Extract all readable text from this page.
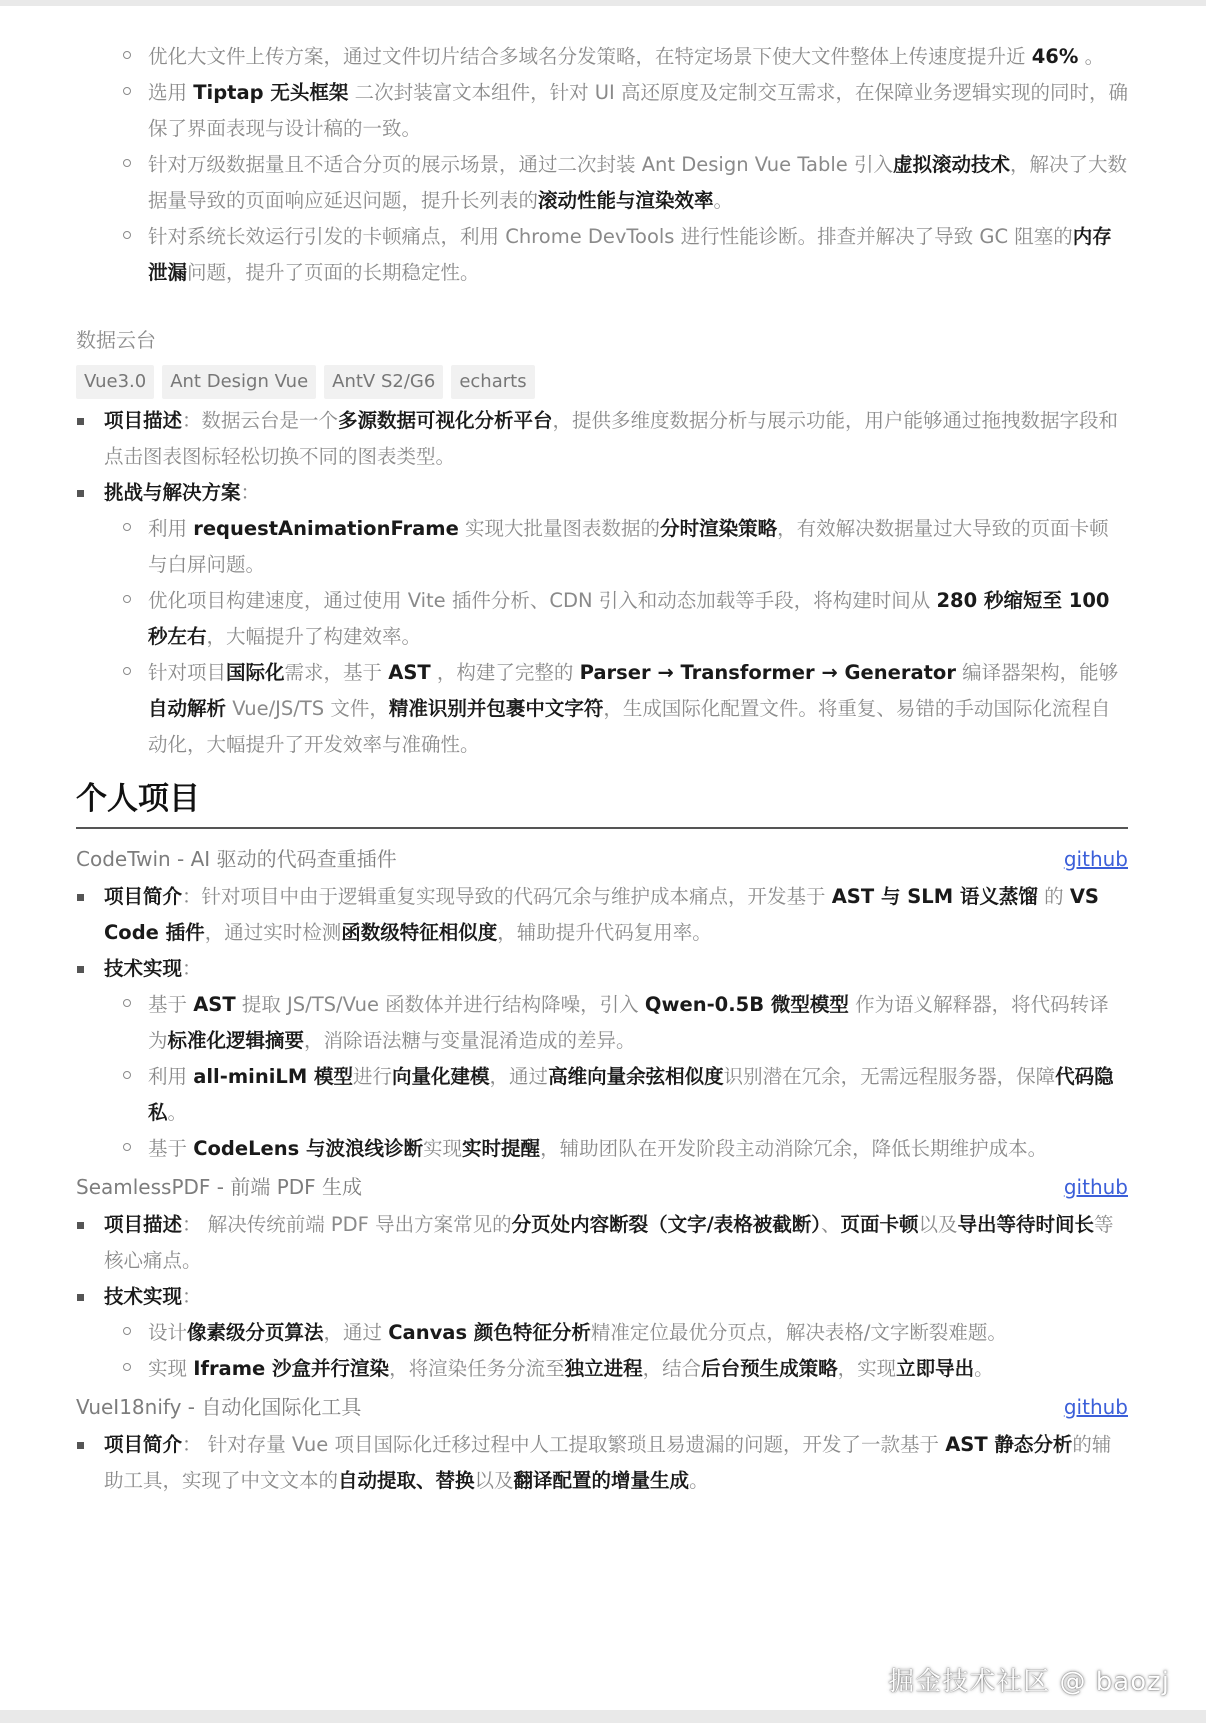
优化大文件上传方案，通过文件切片结合多域名分发策略，在特定场景下使大文件整体上传速度提升近 46% 。
选用 Tiptap 无头框架 二次封装富文本组件，针对 UI 高还原度及定制交互需求，在保障业务逻辑实现的同时，确保了界面表现与设计稿的一致。
针对万级数据量且不适合分页的展示场景，通过二次封装 Ant Design Vue Table 引入虚拟滚动技术，解决了大数据量导致的页面响应延迟问题，提升长列表的滚动性能与渲染效率。
针对系统长效运行引发的卡顿痛点，利用 Chrome DevTools 进行性能诊断。排查并解决了导致 GC 阻塞的内存泄漏问题，提升了页面的长期稳定性。
数据云台
Vue3.0	Ant Design Vue	AntV S2/G6	echarts
项目描述：数据云台是一个多源数据可视化分析平台，提供多维度数据分析与展示功能，用户能够通过拖拽数据字段和点击图表图标轻松切换不同的图表类型。
挑战与解决方案：
利用 requestAnimationFrame 实现大批量图表数据的分时渲染策略，有效解决数据量过大导致的页面卡顿与白屏问题。
优化项目构建速度，通过使用 Vite 插件分析、CDN 引入和动态加载等手段，将构建时间从 280 秒缩短至 100 秒左右，大幅提升了构建效率。
针对项目国际化需求，基于 AST ，构建了完整的 Parser → Transformer → Generator 编译器架构，能够自动解析 Vue/JS/TS 文件，精准识别并包裹中文字符，生成国际化配置文件。将重复、易错的手动国际化流程自动化，大幅提升了开发效率与准确性。
个人项目
CodeTwin - AI 驱动的代码查重插件	github
项目简介：针对项目中由于逻辑重复实现导致的代码冗余与维护成本痛点，开发基于 AST 与 SLM 语义蒸馏 的 VS Code 插件，通过实时检测函数级特征相似度，辅助提升代码复用率。
技术实现：
基于 AST 提取 JS/TS/Vue 函数体并进行结构降噪，引入 Qwen-0.5B 微型模型 作为语义解释器，将代码转译为标准化逻辑摘要，消除语法糖与变量混淆造成的差异。
利用 all-miniLM 模型进行向量化建模，通过高维向量余弦相似度识别潜在冗余，无需远程服务器，保障代码隐私。
基于 CodeLens 与波浪线诊断实现实时提醒，辅助团队在开发阶段主动消除冗余，降低长期维护成本。
SeamlessPDF - 前端 PDF 生成	github
项目描述： 解决传统前端 PDF 导出方案常见的分页处内容断裂（文字/表格被截断）、页面卡顿以及导出等待时间长等核心痛点。
技术实现：
设计像素级分页算法，通过 Canvas 颜色特征分析精准定位最优分页点，解决表格/文字断裂难题。
实现 Iframe 沙盒并行渲染，将渲染任务分流至独立进程，结合后台预生成策略，实现立即导出。
VueI18nify - 自动化国际化工具	github
项目简介： 针对存量 Vue 项目国际化迁移过程中人工提取繁琐且易遗漏的问题，开发了一款基于 AST 静态分析的辅助工具，实现了中文文本的自动提取、替换以及翻译配置的增量生成。
掘金技术社区 @ baozj
